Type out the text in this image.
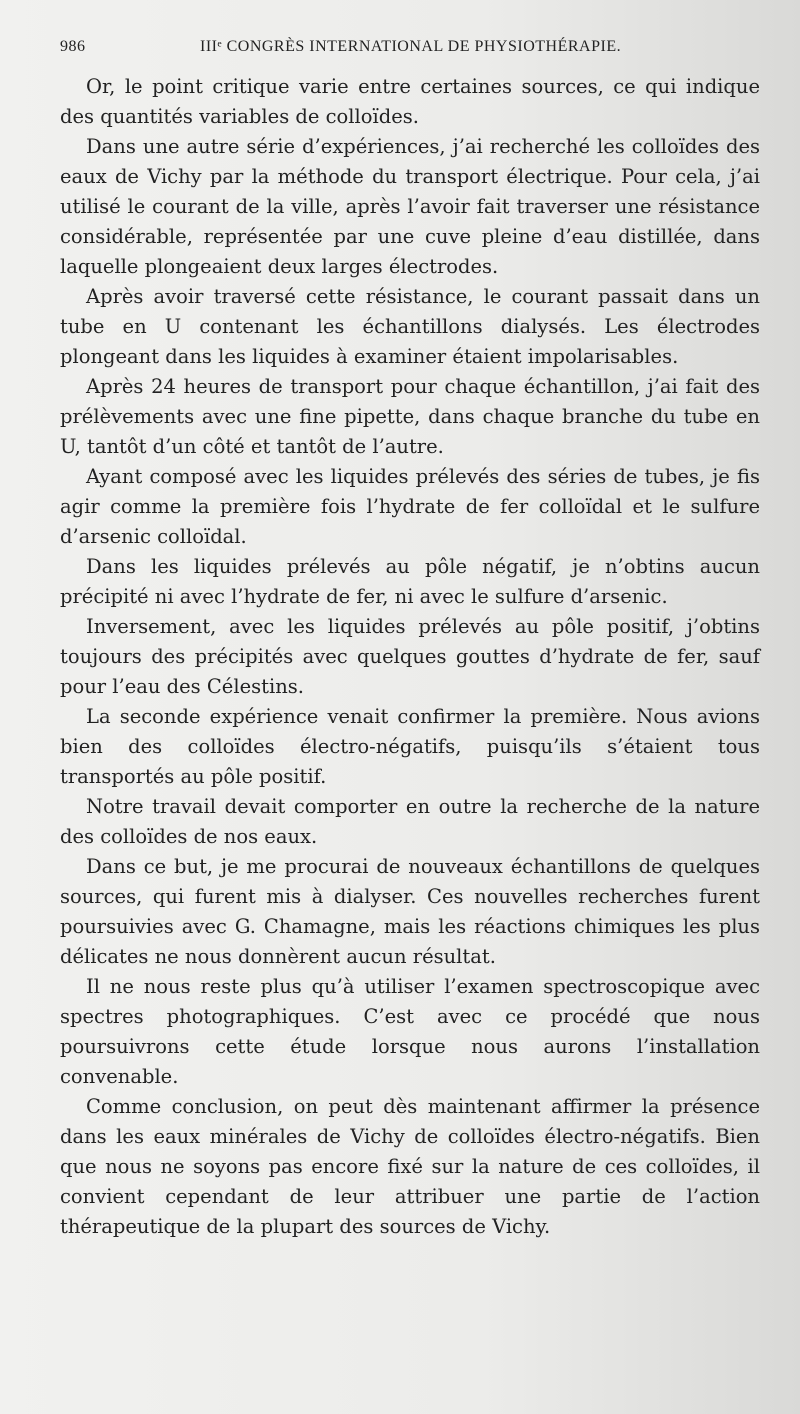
986	IIIᵉ CONGRÈS INTERNATIONAL DE PHYSIOTHÉRAPIE.

Or, le point critique varie entre certaines sources, ce qui indique des quantités variables de colloïdes.

Dans une autre série d’expériences, j’ai recherché les colloïdes des eaux de Vichy par la méthode du transport électrique. Pour cela, j’ai utilisé le courant de la ville, après l’avoir fait traverser une résistance considérable, représentée par une cuve pleine d’eau distillée, dans laquelle plongeaient deux larges électrodes.

Après avoir traversé cette résistance, le courant passait dans un tube en U contenant les échantillons dialysés. Les électrodes plongeant dans les liquides à examiner étaient impolarisables.

Après 24 heures de transport pour chaque échantillon, j’ai fait des prélèvements avec une fine pipette, dans chaque branche du tube en U, tantôt d’un côté et tantôt de l’autre.

Ayant composé avec les liquides prélevés des séries de tubes, je fis agir comme la première fois l’hydrate de fer colloïdal et le sulfure d’arsenic colloïdal.

Dans les liquides prélevés au pôle négatif, je n’obtins aucun précipité ni avec l’hydrate de fer, ni avec le sulfure d’arsenic.

Inversement, avec les liquides prélevés au pôle positif, j’obtins toujours des précipités avec quelques gouttes d’hydrate de fer, sauf pour l’eau des Célestins.

La seconde expérience venait confirmer la première. Nous avions bien des colloïdes électro-négatifs, puisqu’ils s’étaient tous transportés au pôle positif.

Notre travail devait comporter en outre la recherche de la nature des colloïdes de nos eaux.

Dans ce but, je me procurai de nouveaux échantillons de quelques sources, qui furent mis à dialyser. Ces nouvelles recherches furent poursuivies avec G. Chamagne, mais les réactions chimiques les plus délicates ne nous donnèrent aucun résultat.

Il ne nous reste plus qu’à utiliser l’examen spectroscopique avec spectres photographiques. C’est avec ce procédé que nous poursuivrons cette étude lorsque nous aurons l’installation convenable.

Comme conclusion, on peut dès maintenant affirmer la présence dans les eaux minérales de Vichy de colloïdes électro-négatifs. Bien que nous ne soyons pas encore fixé sur la nature de ces colloïdes, il convient cependant de leur attribuer une partie de l’action thérapeutique de la plupart des sources de Vichy.
